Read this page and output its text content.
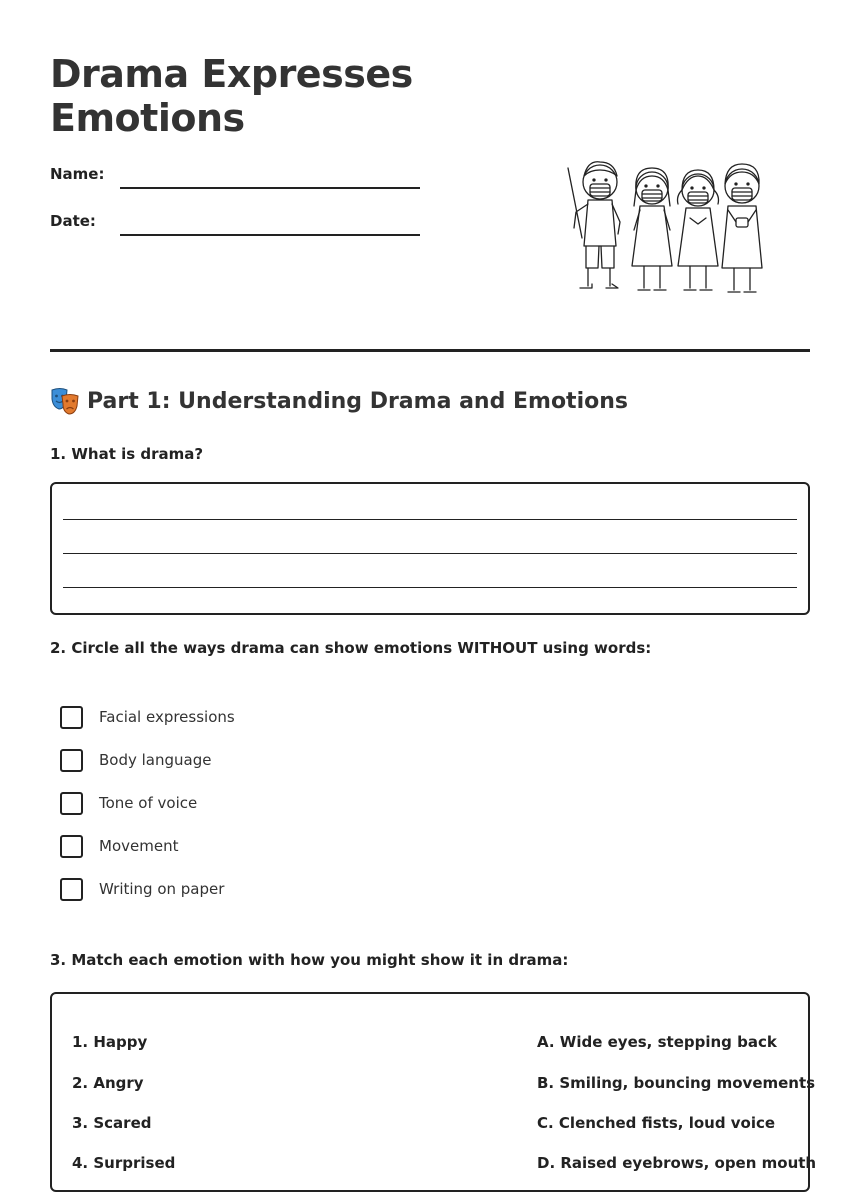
Drama Expresses Emotions
Name:
Date:
Part 1: Understanding Drama and Emotions
1. What is drama?
2. Circle all the ways drama can show emotions WITHOUT using words:
Facial expressions
Body language
Tone of voice
Movement
Writing on paper
3. Match each emotion with how you might show it in drama:
1. Happy
2. Angry
3. Scared
4. Surprised
A. Wide eyes, stepping back
B. Smiling, bouncing movements
C. Clenched fists, loud voice
D. Raised eyebrows, open mouth
